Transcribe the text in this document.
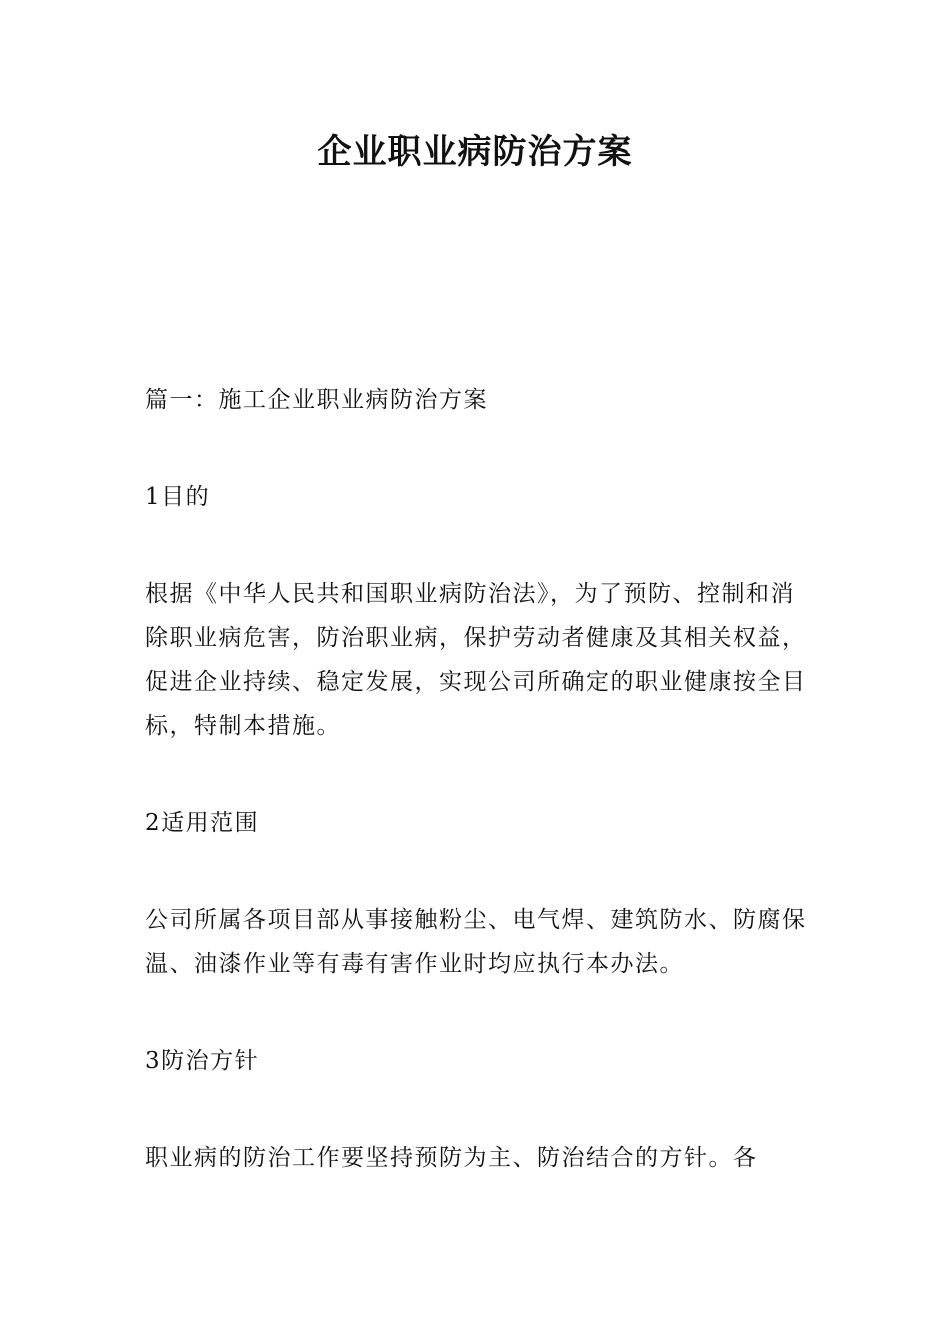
企业职业病防治方案

篇一：施工企业职业病防治方案

1目的

根据《中华人民共和国职业病防治法》，为了预防、控制和消除职业病危害，防治职业病，保护劳动者健康及其相关权益，促进企业持续、稳定发展，实现公司所确定的职业健康按全目标，特制本措施。

2适用范围

公司所属各项目部从事接触粉尘、电气焊、建筑防水、防腐保温、油漆作业等有毒有害作业时均应执行本办法。

3防治方针

职业病的防治工作要坚持预防为主、防治结合的方针。各
